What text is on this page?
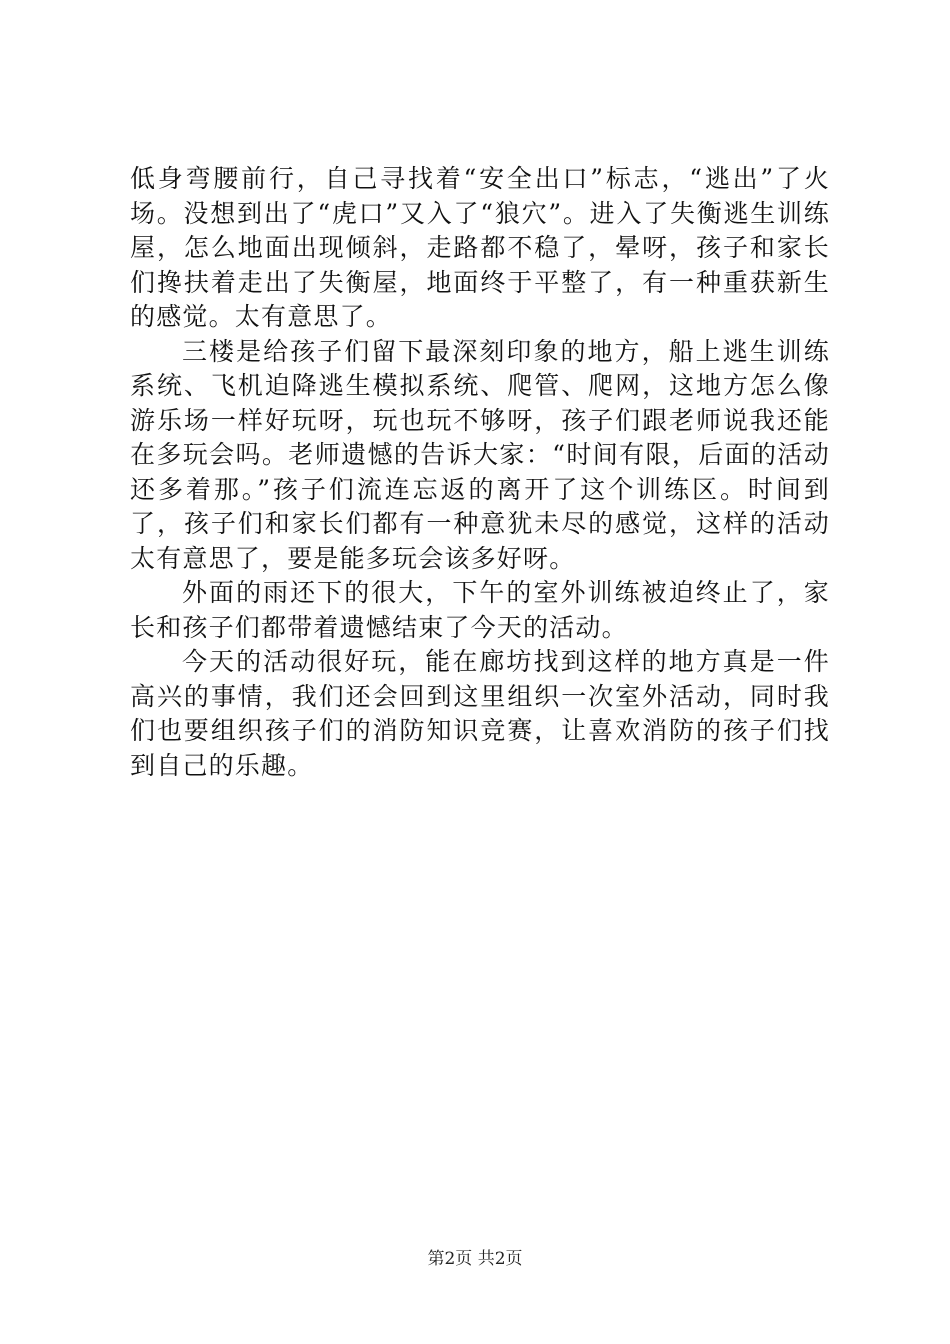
低身弯腰前行，自己寻找着“安全出口”标志，“逃出”了火场。没想到出了“虎口”又入了“狼穴”。进入了失衡逃生训练屋，怎么地面出现倾斜，走路都不稳了，晕呀，孩子和家长们搀扶着走出了失衡屋，地面终于平整了，有一种重获新生的感觉。太有意思了。

三楼是给孩子们留下最深刻印象的地方，船上逃生训练系统、飞机迫降逃生模拟系统、爬管、爬网，这地方怎么像游乐场一样好玩呀，玩也玩不够呀，孩子们跟老师说我还能在多玩会吗。老师遗憾的告诉大家：“时间有限，后面的活动还多着那。”孩子们流连忘返的离开了这个训练区。时间到了，孩子们和家长们都有一种意犹未尽的感觉，这样的活动太有意思了，要是能多玩会该多好呀。

外面的雨还下的很大，下午的室外训练被迫终止了，家长和孩子们都带着遗憾结束了今天的活动。

今天的活动很好玩，能在廊坊找到这样的地方真是一件高兴的事情，我们还会回到这里组织一次室外活动，同时我们也要组织孩子们的消防知识竞赛，让喜欢消防的孩子们找到自己的乐趣。

第2页 共2页
